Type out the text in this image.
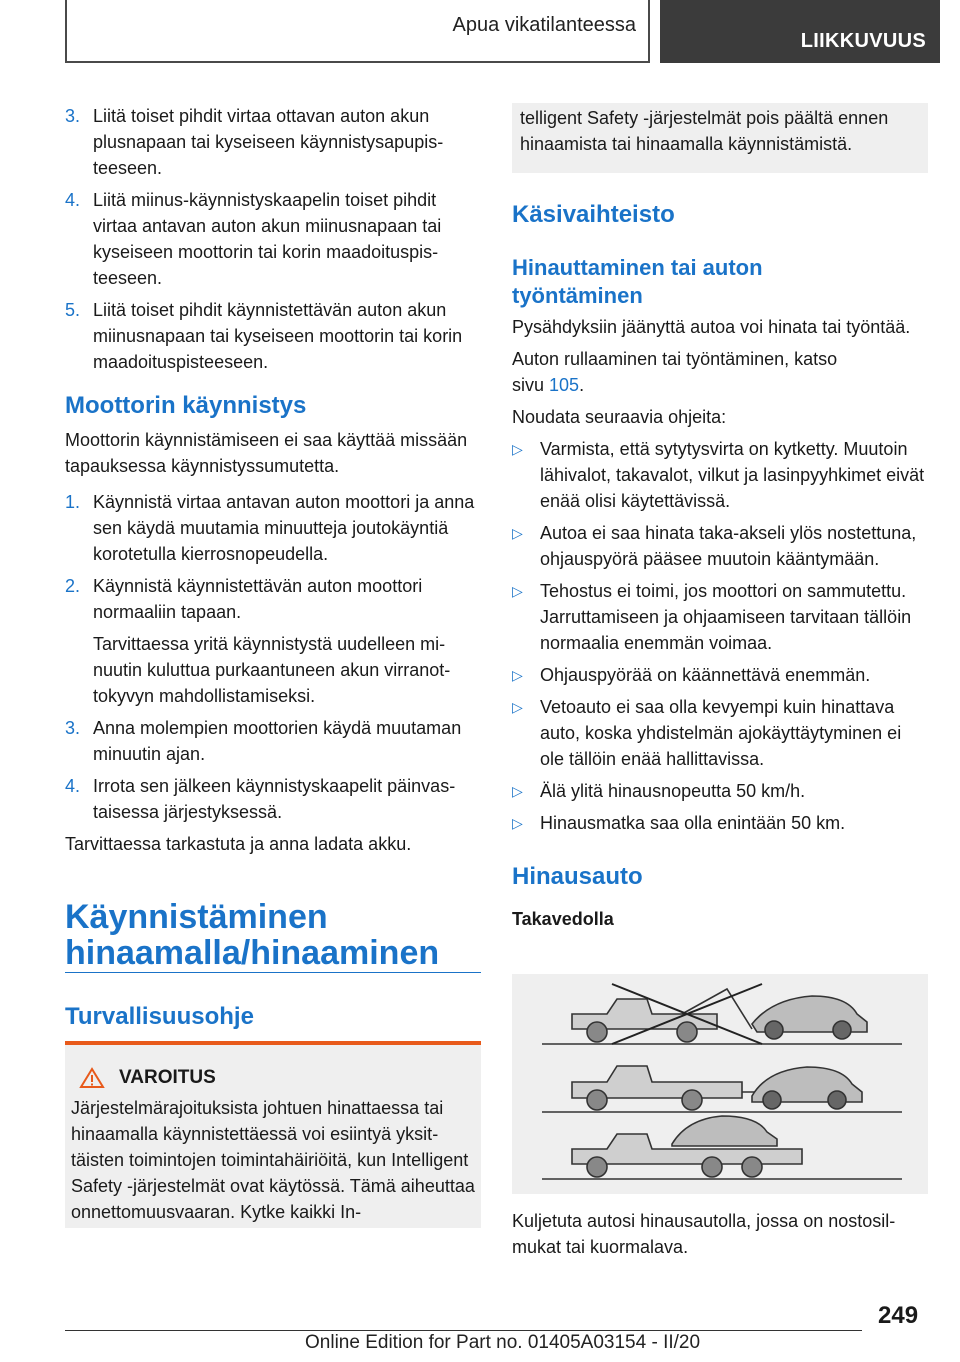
Apua vikatilanteessa
LIIKKUVUUS
3. Liitä toiset pihdit virtaa ottavan auton akun plusnapaan tai kyseiseen käynnistysapupisteeseen.

4. Liitä miinus-käynnistyskaapelin toiset pihdit virtaa antavan auton akun miinusnapaan tai kyseiseen moottorin tai korin maadoituspisteeseen.

5. Liitä toiset pihdit käynnistettävän auton akun miinusnapaan tai kyseiseen moottorin tai korin maadoituspisteeseen.

Moottorin käynnistys

Moottorin käynnistämiseen ei saa käyttää missään tapauksessa käynnistyssumutetta.

1. Käynnistä virtaa antavan auton moottori ja anna sen käydä muutamia minuutteja joutokäyntiä korotetulla kierrosnopeudella.

2. Käynnistä käynnistettävän auton moottori normaaliin tapaan.

Tarvittaessa yritä käynnistystä uudelleen minuutin kuluttua purkaantuneen akun virranottokyvyn mahdollistamiseksi.

3. Anna molempien moottorien käydä muutaman minuutin ajan.

4. Irrota sen jälkeen käynnistyskaapelit päinvastaisessa järjestyksessä.

Tarvittaessa tarkastuta ja anna ladata akku.

Käynnistäminen
hinaamalla/hinaaminen
Turvallisuusohje
VAROITUS

Järjestelmärajoituksista johtuen hinattaessa tai hinaamalla käynnistettäessä voi esiintyä yksittäisten toimintojen toimintahäiriöitä, kun Intelligent Safety -järjestelmät ovat käytössä. Tämä aiheuttaa onnettomuusvaaran. Kytke kaikki In-

telligent Safety -järjestelmät pois päältä ennen hinaamista tai hinaamalla käynnistämistä.

Käsivaihteisto
Hinauttaminen tai auton
työntäminen

Pysähdyksiin jäänyttä autoa voi hinata tai työntää.

Auton rullaaminen tai työntäminen, katso
sivu 105.

Noudata seuraavia ohjeita:

▷ Varmista, että sytytysvirta on kytketty. Muutoin lähivalot, takavalot, vilkut ja lasinpyyhkimet eivät enää olisi käytettävissä.

▷ Autoa ei saa hinata taka-akseli ylös nostettuna, ohjauspyörä pääsee muutoin kääntymään.

▷ Tehostus ei toimi, jos moottori on sammutettu. Jarruttamiseen ja ohjaamiseen tarvitaan tällöin normaalia enemmän voimaa.

▷ Ohjauspyörää on käännettävä enemmän.

▷ Vetoauto ei saa olla kevyempi kuin hinattava auto, koska yhdistelmän ajokäyttäytyminen ei ole tällöin enää hallittavissa.

▷ Älä ylitä hinausnopeutta 50 km/h.

▷ Hinausmatka saa olla enintään 50 km.

Hinausauto

Takavedolla

Kuljetuta autosi hinausautolla, jossa on nostosilmukat tai kuormalava.

249
Online Edition for Part no. 01405A03154 - II/20
